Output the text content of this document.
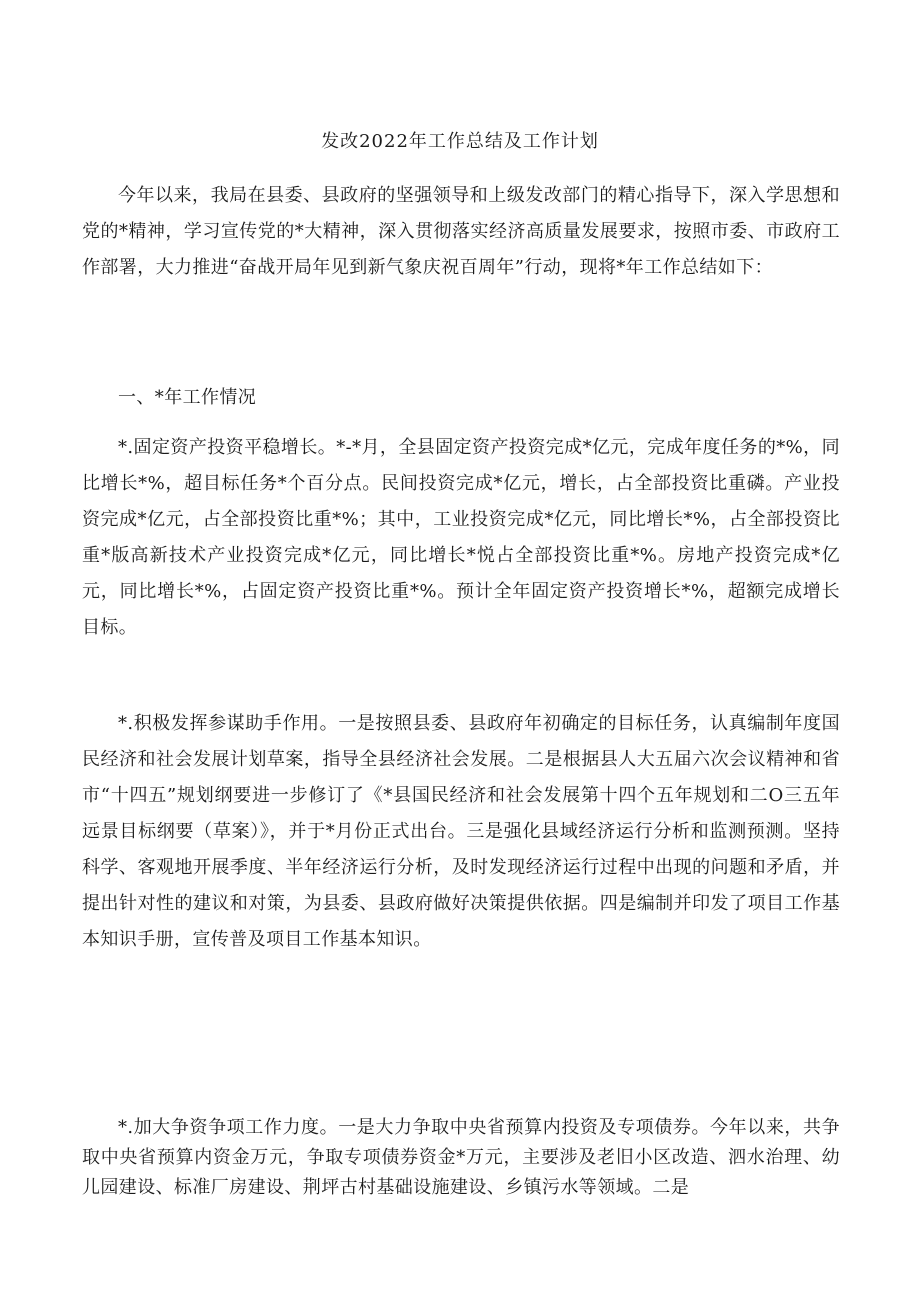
发改2022年工作总结及工作计划

今年以来，我局在县委、县政府的坚强领导和上级发改部门的精心指导下，深入学思想和党的*精神，学习宣传党的*大精神，深入贯彻落实经济高质量发展要求，按照市委、市政府工作部署，大力推进“奋战开局年见到新气象庆祝百周年”行动，现将*年工作总结如下：

一、*年工作情况

*.固定资产投资平稳增长。*-*月，全县固定资产投资完成*亿元，完成年度任务的*%，同比增长*%，超目标任务*个百分点。民间投资完成*亿元，增长，占全部投资比重磷。产业投资完成*亿元，占全部投资比重*%；其中，工业投资完成*亿元，同比增长*%，占全部投资比重*版高新技术产业投资完成*亿元，同比增长*悦占全部投资比重*%。房地产投资完成*亿元，同比增长*%，占固定资产投资比重*%。预计全年固定资产投资增长*%，超额完成增长目标。

*.积极发挥参谋助手作用。一是按照县委、县政府年初确定的目标任务，认真编制年度国民经济和社会发展计划草案，指导全县经济社会发展。二是根据县人大五届六次会议精神和省市“十四五”规划纲要进一步修订了《*县国民经济和社会发展第十四个五年规划和二O三五年远景目标纲要（草案）》，并于*月份正式出台。三是强化县域经济运行分析和监测预测。坚持科学、客观地开展季度、半年经济运行分析，及时发现经济运行过程中出现的问题和矛盾，并提出针对性的建议和对策，为县委、县政府做好决策提供依据。四是编制并印发了项目工作基本知识手册，宣传普及项目工作基本知识。

*.加大争资争项工作力度。一是大力争取中央省预算内投资及专项债券。今年以来，共争取中央省预算内资金万元，争取专项债券资金*万元，主要涉及老旧小区改造、泗水治理、幼儿园建设、标准厂房建设、荆坪古村基础设施建设、乡镇污水等领域。二是
